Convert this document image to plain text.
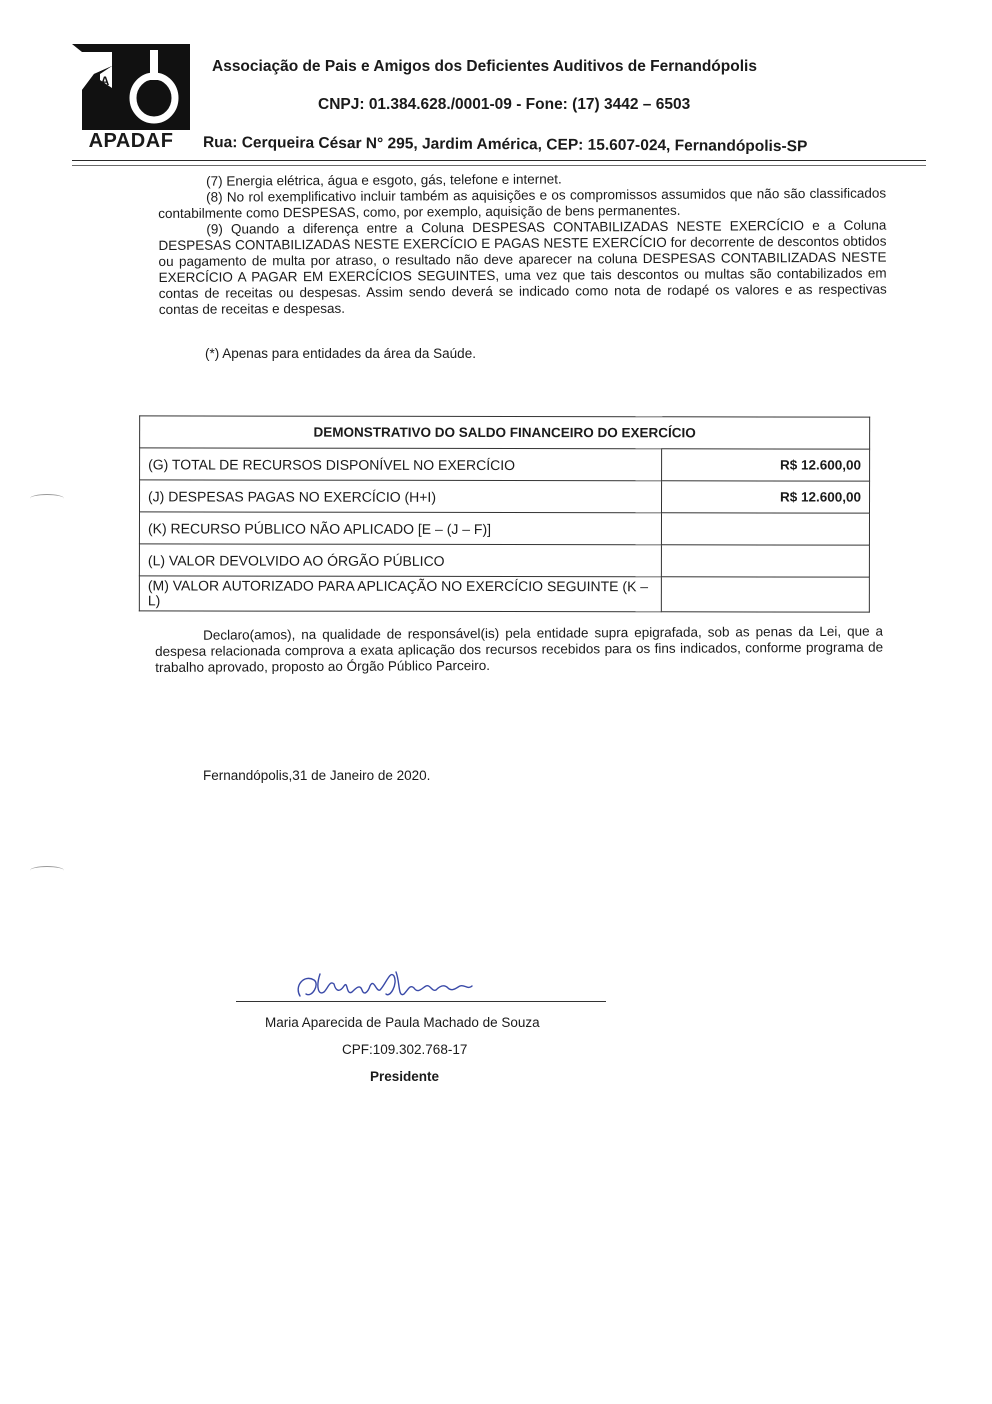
A
APADAF
Associação de Pais e Amigos dos Deficientes Auditivos de Fernandópolis
CNPJ: 01.384.628./0001-09 - Fone: (17) 3442 – 6503
Rua: Cerqueira César N° 295, Jardim América, CEP: 15.607-024, Fernandópolis-SP

(7) Energia elétrica, água e esgoto, gás, telefone e internet.

(8) No rol exemplificativo incluir também as aquisições e os compromissos assumidos que não são classificados contabilmente como DESPESAS, como, por exemplo, aquisição de bens permanentes.

(9) Quando a diferença entre a Coluna DESPESAS CONTABILIZADAS NESTE EXERCÍCIO e a Coluna DESPESAS CONTABILIZADAS NESTE EXERCÍCIO E PAGAS NESTE EXERCÍCIO for decorrente de descontos obtidos ou pagamento de multa por atraso, o resultado não deve aparecer na coluna DESPESAS CONTABILIZADAS NESTE EXERCÍCIO A PAGAR EM EXERCÍCIOS SEGUINTES, uma vez que tais descontos ou multas são contabilizados em contas de receitas ou despesas. Assim sendo deverá se indicado como nota de rodapé os valores e as respectivas contas de receitas e despesas.

(*) Apenas para entidades da área da Saúde.
DEMONSTRATIVO DO SALDO FINANCEIRO DO EXERCÍCIO	
(G) TOTAL DE RECURSOS DISPONÍVEL NO EXERCÍCIO	R$ 12.600,00
(J) DESPESAS PAGAS NO EXERCÍCIO (H+I)	R$ 12.600,00
(K) RECURSO PÚBLICO NÃO APLICADO [E – (J – F)]	
(L) VALOR DEVOLVIDO AO ÓRGÃO PÚBLICO	
(M) VALOR AUTORIZADO PARA APLICAÇÃO NO EXERCÍCIO SEGUINTE (K – L)	

Declaro(amos), na qualidade de responsável(is) pela entidade supra epigrafada, sob as penas da Lei, que a despesa relacionada comprova a exata aplicação dos recursos recebidos para os fins indicados, conforme programa de trabalho aprovado, proposto ao Órgão Público Parceiro.

Fernandópolis,31 de Janeiro de 2020.
Maria Aparecida de Paula Machado de Souza
CPF:109.302.768-17
Presidente
